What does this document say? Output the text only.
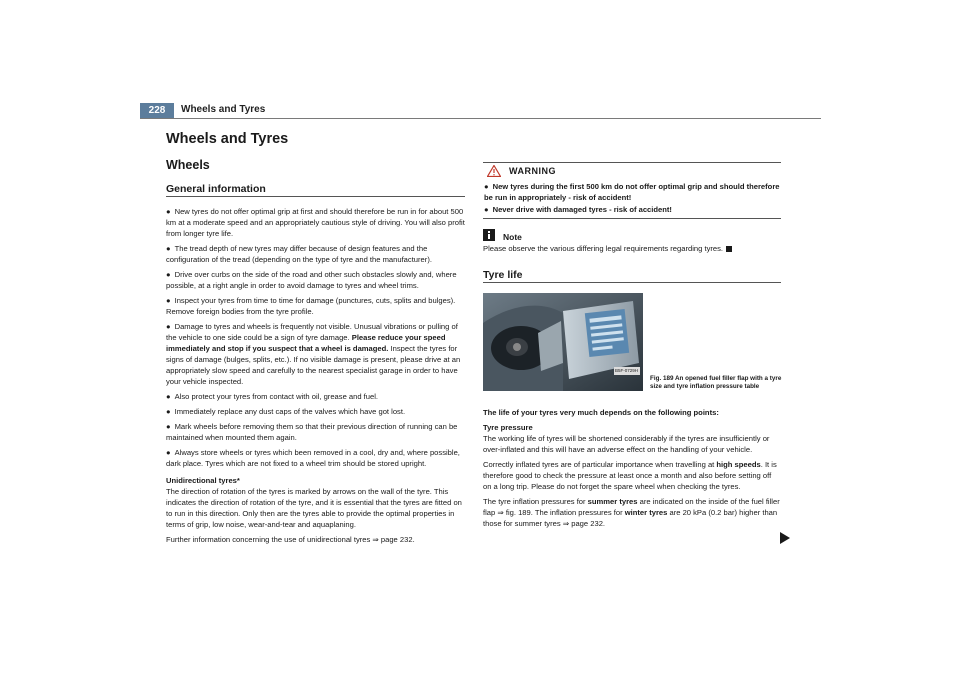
228	Wheels and Tyres
Wheels and Tyres
Wheels
General information

● New tyres do not offer optimal grip at first and should therefore be run in for about 500 km at a moderate speed and an appropriately cautious style of driving. You will also profit from longer tyre life.

● The tread depth of new tyres may differ because of design features and the configuration of the tread (depending on the type of tyre and the manufacturer).

● Drive over curbs on the side of the road and other such obstacles slowly and, where possible, at a right angle in order to avoid damage to tyres and wheel trims.

● Inspect your tyres from time to time for damage (punctures, cuts, splits and bulges). Remove foreign bodies from the tyre profile.

● Damage to tyres and wheels is frequently not visible. Unusual vibrations or pulling of the vehicle to one side could be a sign of tyre damage. Please reduce your speed immediately and stop if you suspect that a wheel is damaged. Inspect the tyres for signs of damage (bulges, splits, etc.). If no visible damage is present, please drive at an appropriately slow speed and carefully to the nearest specialist garage in order to have your vehicle inspected.

● Also protect your tyres from contact with oil, grease and fuel.

● Immediately replace any dust caps of the valves which have got lost.

● Mark wheels before removing them so that their previous direction of running can be maintained when mounted them again.

● Always store wheels or tyres which been removed in a cool, dry and, where possible, dark place. Tyres which are not fixed to a wheel trim should be stored upright.

Unidirectional tyres*

The direction of rotation of the tyres is marked by arrows on the wall of the tyre. This indicates the direction of rotation of the tyre, and it is essential that the tyres are fitted on to run in this direction. Only then are the tyres able to provide the optimal properties in terms of grip, low noise, wear-and-tear and aquaplaning.

Further information concerning the use of unidirectional tyres ⇒ page 232.

WARNING

● New tyres during the first 500 km do not offer optimal grip and should therefore be run in appropriately - risk of accident!

● Never drive with damaged tyres - risk of accident!

Note
Please observe the various differing legal requirements regarding tyres.
Tyre life
B5F-0729H
Fig. 189 An opened fuel filler flap with a tyre size and tyre inflation pressure table

The life of your tyres very much depends on the following points:

Tyre pressure

The working life of tyres will be shortened considerably if the tyres are insufficiently or over-inflated and this will have an adverse effect on the handling of your vehicle.

Correctly inflated tyres are of particular importance when travelling at high speeds. It is therefore good to check the pressure at least once a month and also before setting off on a long trip. Please do not forget the spare wheel when checking the tyres.

The tyre inflation pressures for summer tyres are indicated on the inside of the fuel filler flap ⇒ fig. 189. The inflation pressures for winter tyres are 20 kPa (0.2 bar) higher than those for summer tyres ⇒ page 232.
